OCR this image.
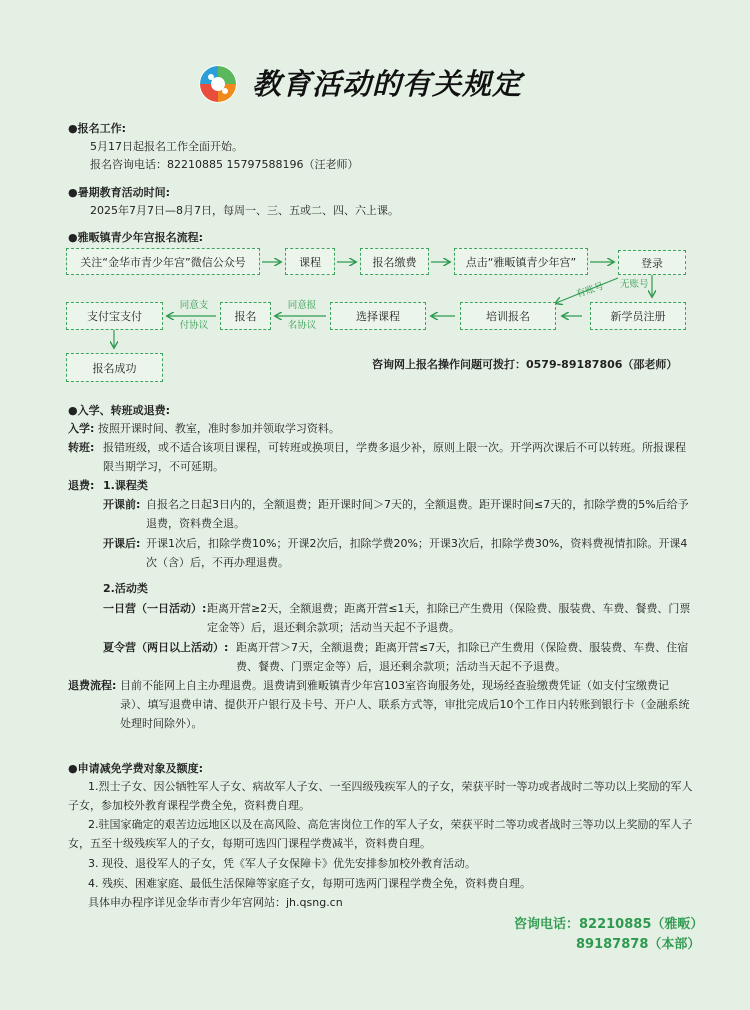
教育活动的有关规定
●报名工作:
5月17日起报名工作全面开始。
报名咨询电话：82210885 15797588196（汪老师）
●暑期教育活动时间:
2025年7月7日—8月7日，每周一、三、五或二、四、六上课。
●雅畈镇青少年宫报名流程:
关注“金华市青少年宫”微信公众号	课程	报名缴费	点击“雅畈镇青少年宫”	登录
新学员注册
培训报名
选择课程
报名
支付宝支付
报名成功
有账号 无账号
同意报
名协议
同意支
付协议
咨询网上报名操作问题可拨打：0579-89187806（邵老师）
●入学、转班或退费:
入学: 按照开课时间、教室，准时参加并领取学习资料。
转班: 报错班级，或不适合该项目课程，可转班或换项目，学费多退少补，原则上限一次。开学两次课后不可以转班。所报课程限当期学习，不可延期。
退费: 1.课程类
开课前: 自报名之日起3日内的，全额退费；距开课时间＞7天的，全额退费。距开课时间≤7天的，扣除学费的5%后给予退费，资料费全退。
开课后: 开课1次后，扣除学费10%；开课2次后，扣除学费20%；开课3次后，扣除学费30%，资料费视情扣除。开课4次（含）后，不再办理退费。
2.活动类
一日营（一日活动）: 距离开营≥2天，全额退费；距离开营≤1天，扣除已产生费用（保险费、服装费、车费、餐费、门票定金等）后，退还剩余款项；活动当天起不予退费。
夏令营（两日以上活动）: 距离开营＞7天，全额退费；距离开营≤7天，扣除已产生费用（保险费、服装费、车费、住宿费、餐费、门票定金等）后，退还剩余款项；活动当天起不予退费。
退费流程: 目前不能网上自主办理退费。退费请到雅畈镇青少年宫103室咨询服务处，现场经查验缴费凭证（如支付宝缴费记录）、填写退费申请、提供开户银行及卡号、开户人、联系方式等，审批完成后10个工作日内转账到银行卡（金融系统处理时间除外）。
●申请减免学费对象及额度:
1.烈士子女、因公牺牲军人子女、病故军人子女、一至四级残疾军人的子女，荣获平时一等功或者战时二等功以上奖励的军人子女，参加校外教育课程学费全免，资料费自理。
2.驻国家确定的艰苦边远地区以及在高风险、高危害岗位工作的军人子女，荣获平时二等功或者战时三等功以上奖励的军人子女，五至十级残疾军人的子女，每期可选四门课程学费减半，资料费自理。
3. 现役、退役军人的子女，凭《军人子女保障卡》优先安排参加校外教育活动。
4. 残疾、困难家庭、最低生活保障等家庭子女，每期可选两门课程学费全免，资料费自理。
具体申办程序详见金华市青少年宫网站：jh.qsng.cn
咨询电话：82210885（雅畈）
89187878（本部）
